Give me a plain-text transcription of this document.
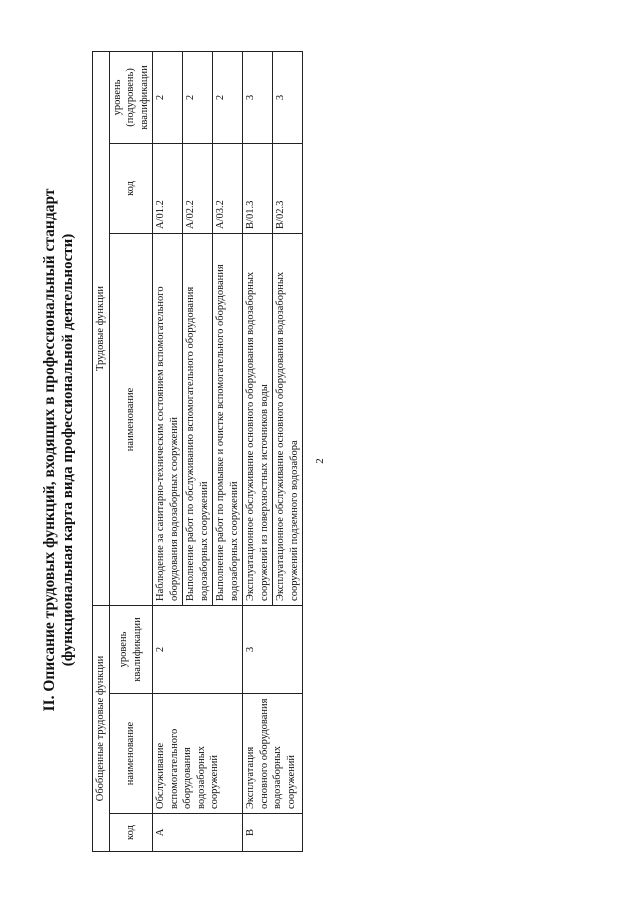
2
II. Описание трудовых функций, входящих в профессиональный стандарт (функциональная карта вида профессиональной деятельности)
Обобщенные трудовые функции			Трудовые функции		
код	наименование	уровень квалификации	наименование	код	уровень (подуровень) квалификации
А	Обслуживание вспомогательного оборудования водозаборных сооружений	2	Наблюдение за санитарно-техническим состоянием вспомогательного оборудования водозаборных сооружений	A/01.2	2
			Выполнение работ по обслуживанию вспомогательного оборудования водозаборных сооружений	A/02.2	2
			Выполнение работ по промывке и очистке вспомогательного оборудования водозаборных сооружений	A/03.2	2
В	Эксплуатация основного оборудования водозаборных сооружений	3	Эксплуатационное обслуживание основного оборудования водозаборных сооружений из поверхностных источников воды	B/01.3	3
			Эксплуатационное обслуживание основного оборудования водозаборных сооружений подземного водозабора	B/02.3	3
